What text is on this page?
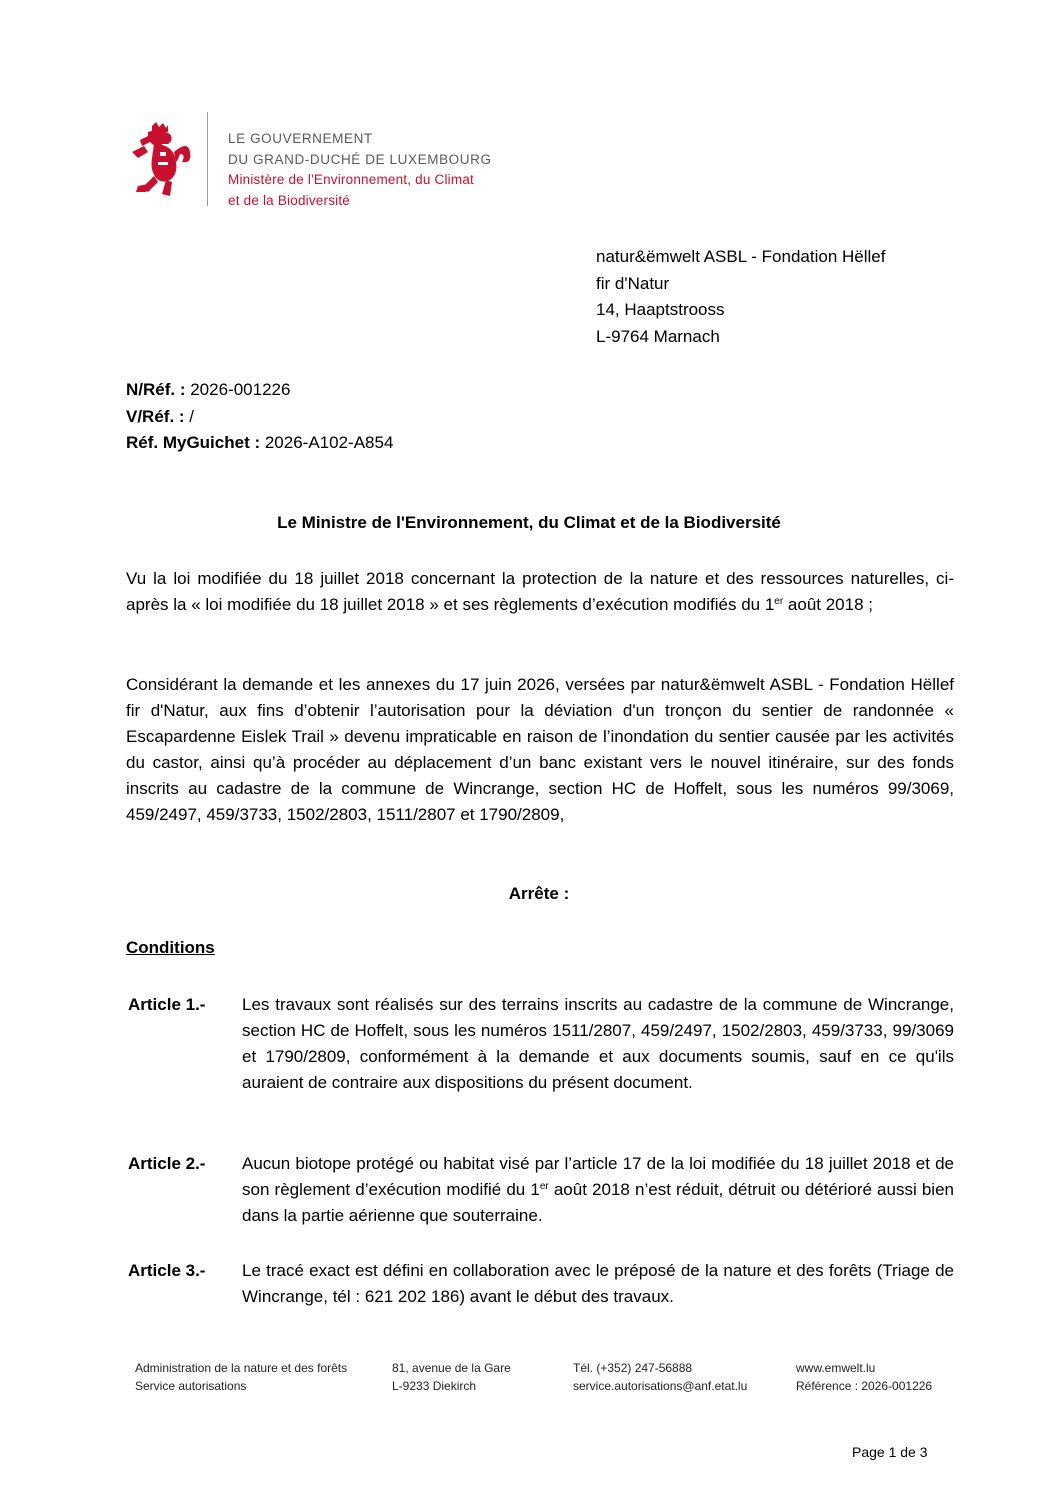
LE GOUVERNEMENT
DU GRAND-DUCHÉ DE LUXEMBOURG
Ministère de l'Environnement, du Climat
et de la Biodiversité
natur&ëmwelt ASBL - Fondation Hëllef
fir d'Natur
14, Haaptstrooss
L-9764 Marnach
N/Réf. : 2026-001226
V/Réf. : /
Réf. MyGuichet : 2026-A102-A854
Le Ministre de l'Environnement, du Climat et de la Biodiversité
Vu la loi modifiée du 18 juillet 2018 concernant la protection de la nature et des ressources naturelles, ci-après la « loi modifiée du 18 juillet 2018 » et ses règlements d’exécution modifiés du 1er août 2018 ;
Considérant la demande et les annexes du 17 juin 2026, versées par natur&ëmwelt ASBL - Fondation Hëllef fir d'Natur, aux fins d’obtenir l’autorisation pour la déviation d'un tronçon du sentier de randonnée « Escapardenne Eislek Trail » devenu impraticable en raison de l’inondation du sentier causée par les activités du castor, ainsi qu’à procéder au déplacement d’un banc existant vers le nouvel itinéraire, sur des fonds inscrits au cadastre de la commune de Wincrange, section HC de Hoffelt, sous les numéros 99/3069, 459/2497, 459/3733, 1502/2803, 1511/2807 et 1790/2809,
Arrête :
Conditions
Article 1.- Les travaux sont réalisés sur des terrains inscrits au cadastre de la commune de Wincrange, section HC de Hoffelt, sous les numéros 1511/2807, 459/2497, 1502/2803, 459/3733, 99/3069 et 1790/2809, conformément à la demande et aux documents soumis, sauf en ce qu'ils auraient de contraire aux dispositions du présent document.
Article 2.- Aucun biotope protégé ou habitat visé par l’article 17 de la loi modifiée du 18 juillet 2018 et de son règlement d’exécution modifié du 1er août 2018 n’est réduit, détruit ou détérioré aussi bien dans la partie aérienne que souterraine.
Article 3.- Le tracé exact est défini en collaboration avec le préposé de la nature et des forêts (Triage de Wincrange, tél : 621 202 186) avant le début des travaux.
Administration de la nature et des forêts
Service autorisations
81, avenue de la Gare
L-9233 Diekirch
Tél. (+352) 247-56888
service.autorisations@anf.etat.lu
www.emwelt.lu
Référence : 2026-001226
Page 1 de 3
